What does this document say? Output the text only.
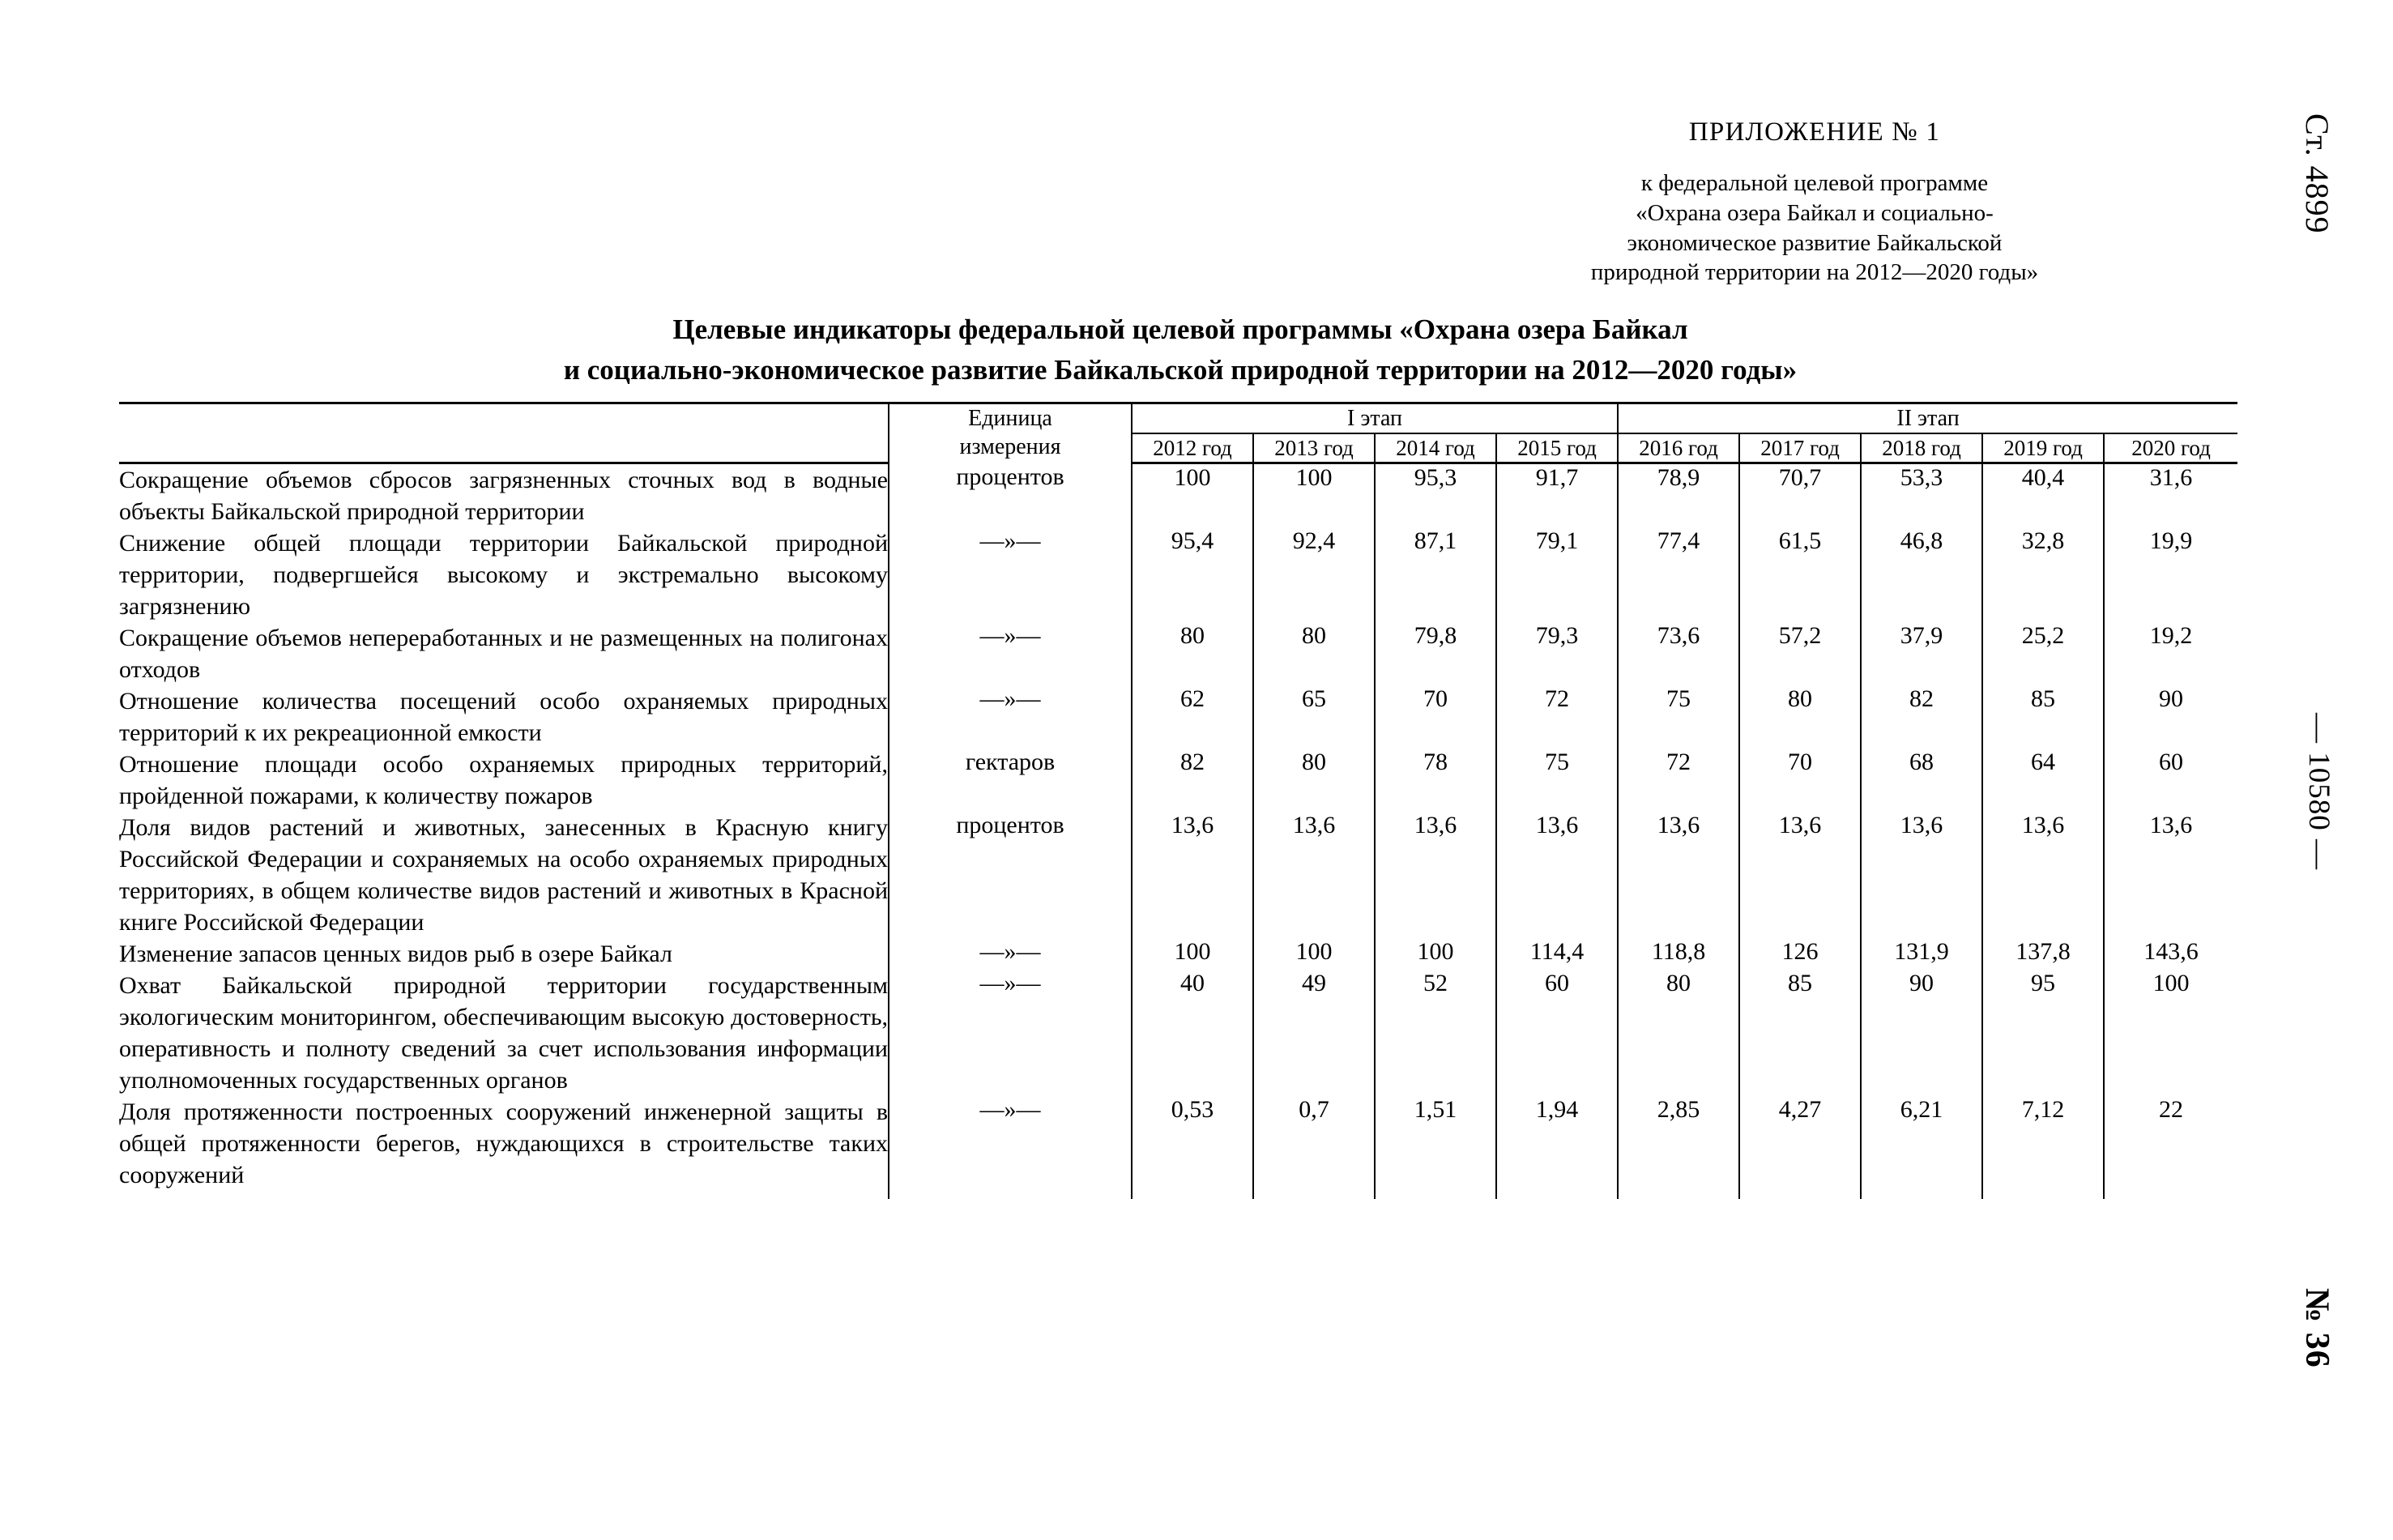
Ст. 4899
— 10580 —
№ 36
ПРИЛОЖЕНИЕ № 1
к федеральной целевой программе
«Охрана озера Байкал и социально-
экономическое развитие Байкальской
природной территории на 2012—2020 годы»
Целевые индикаторы федеральной целевой программы «Охрана озера Байкал
и социально-экономическое развитие Байкальской природной территории на 2012—2020 годы»

	Единица
измерения	I этап				II этап				
		2012 год	2013 год	2014 год	2015 год	2016 год	2017 год	2018 год	2019 год	2020 год
Сокращение объемов сбросов загрязненных сточных вод в водные объекты Байкальской природной территории	процентов	100	100	95,3	91,7	78,9	70,7	53,3	40,4	31,6
Снижение общей площади территории Байкальской природной территории, подвергшейся высокому и экстремально высокому загрязнению	—»—	95,4	92,4	87,1	79,1	77,4	61,5	46,8	32,8	19,9
Сокращение объемов непереработанных и не размещенных на полигонах отходов	—»—	80	80	79,8	79,3	73,6	57,2	37,9	25,2	19,2
Отношение количества посещений особо охраняемых природных территорий к их рекреационной емкости	—»—	62	65	70	72	75	80	82	85	90
Отношение площади особо охраняемых природных территорий, пройденной пожарами, к количеству пожаров	гектаров	82	80	78	75	72	70	68	64	60
Доля видов растений и животных, занесенных в Красную книгу Российской Федерации и сохраняемых на особо охраняемых природных территориях, в общем количестве видов растений и животных в Красной книге Российской Федерации	процентов	13,6	13,6	13,6	13,6	13,6	13,6	13,6	13,6	13,6
Изменение запасов ценных видов рыб в озере Байкал	—»—	100	100	100	114,4	118,8	126	131,9	137,8	143,6
Охват Байкальской природной территории государственным экологическим мониторингом, обеспечивающим высокую достоверность, оперативность и полноту сведений за счет использования информации уполномоченных государственных органов	—»—	40	49	52	60	80	85	90	95	100
Доля протяженности построенных сооружений инженерной защиты в общей протяженности берегов, нуждающихся в строительстве таких сооружений	—»—	0,53	0,7	1,51	1,94	2,85	4,27	6,21	7,12	22
